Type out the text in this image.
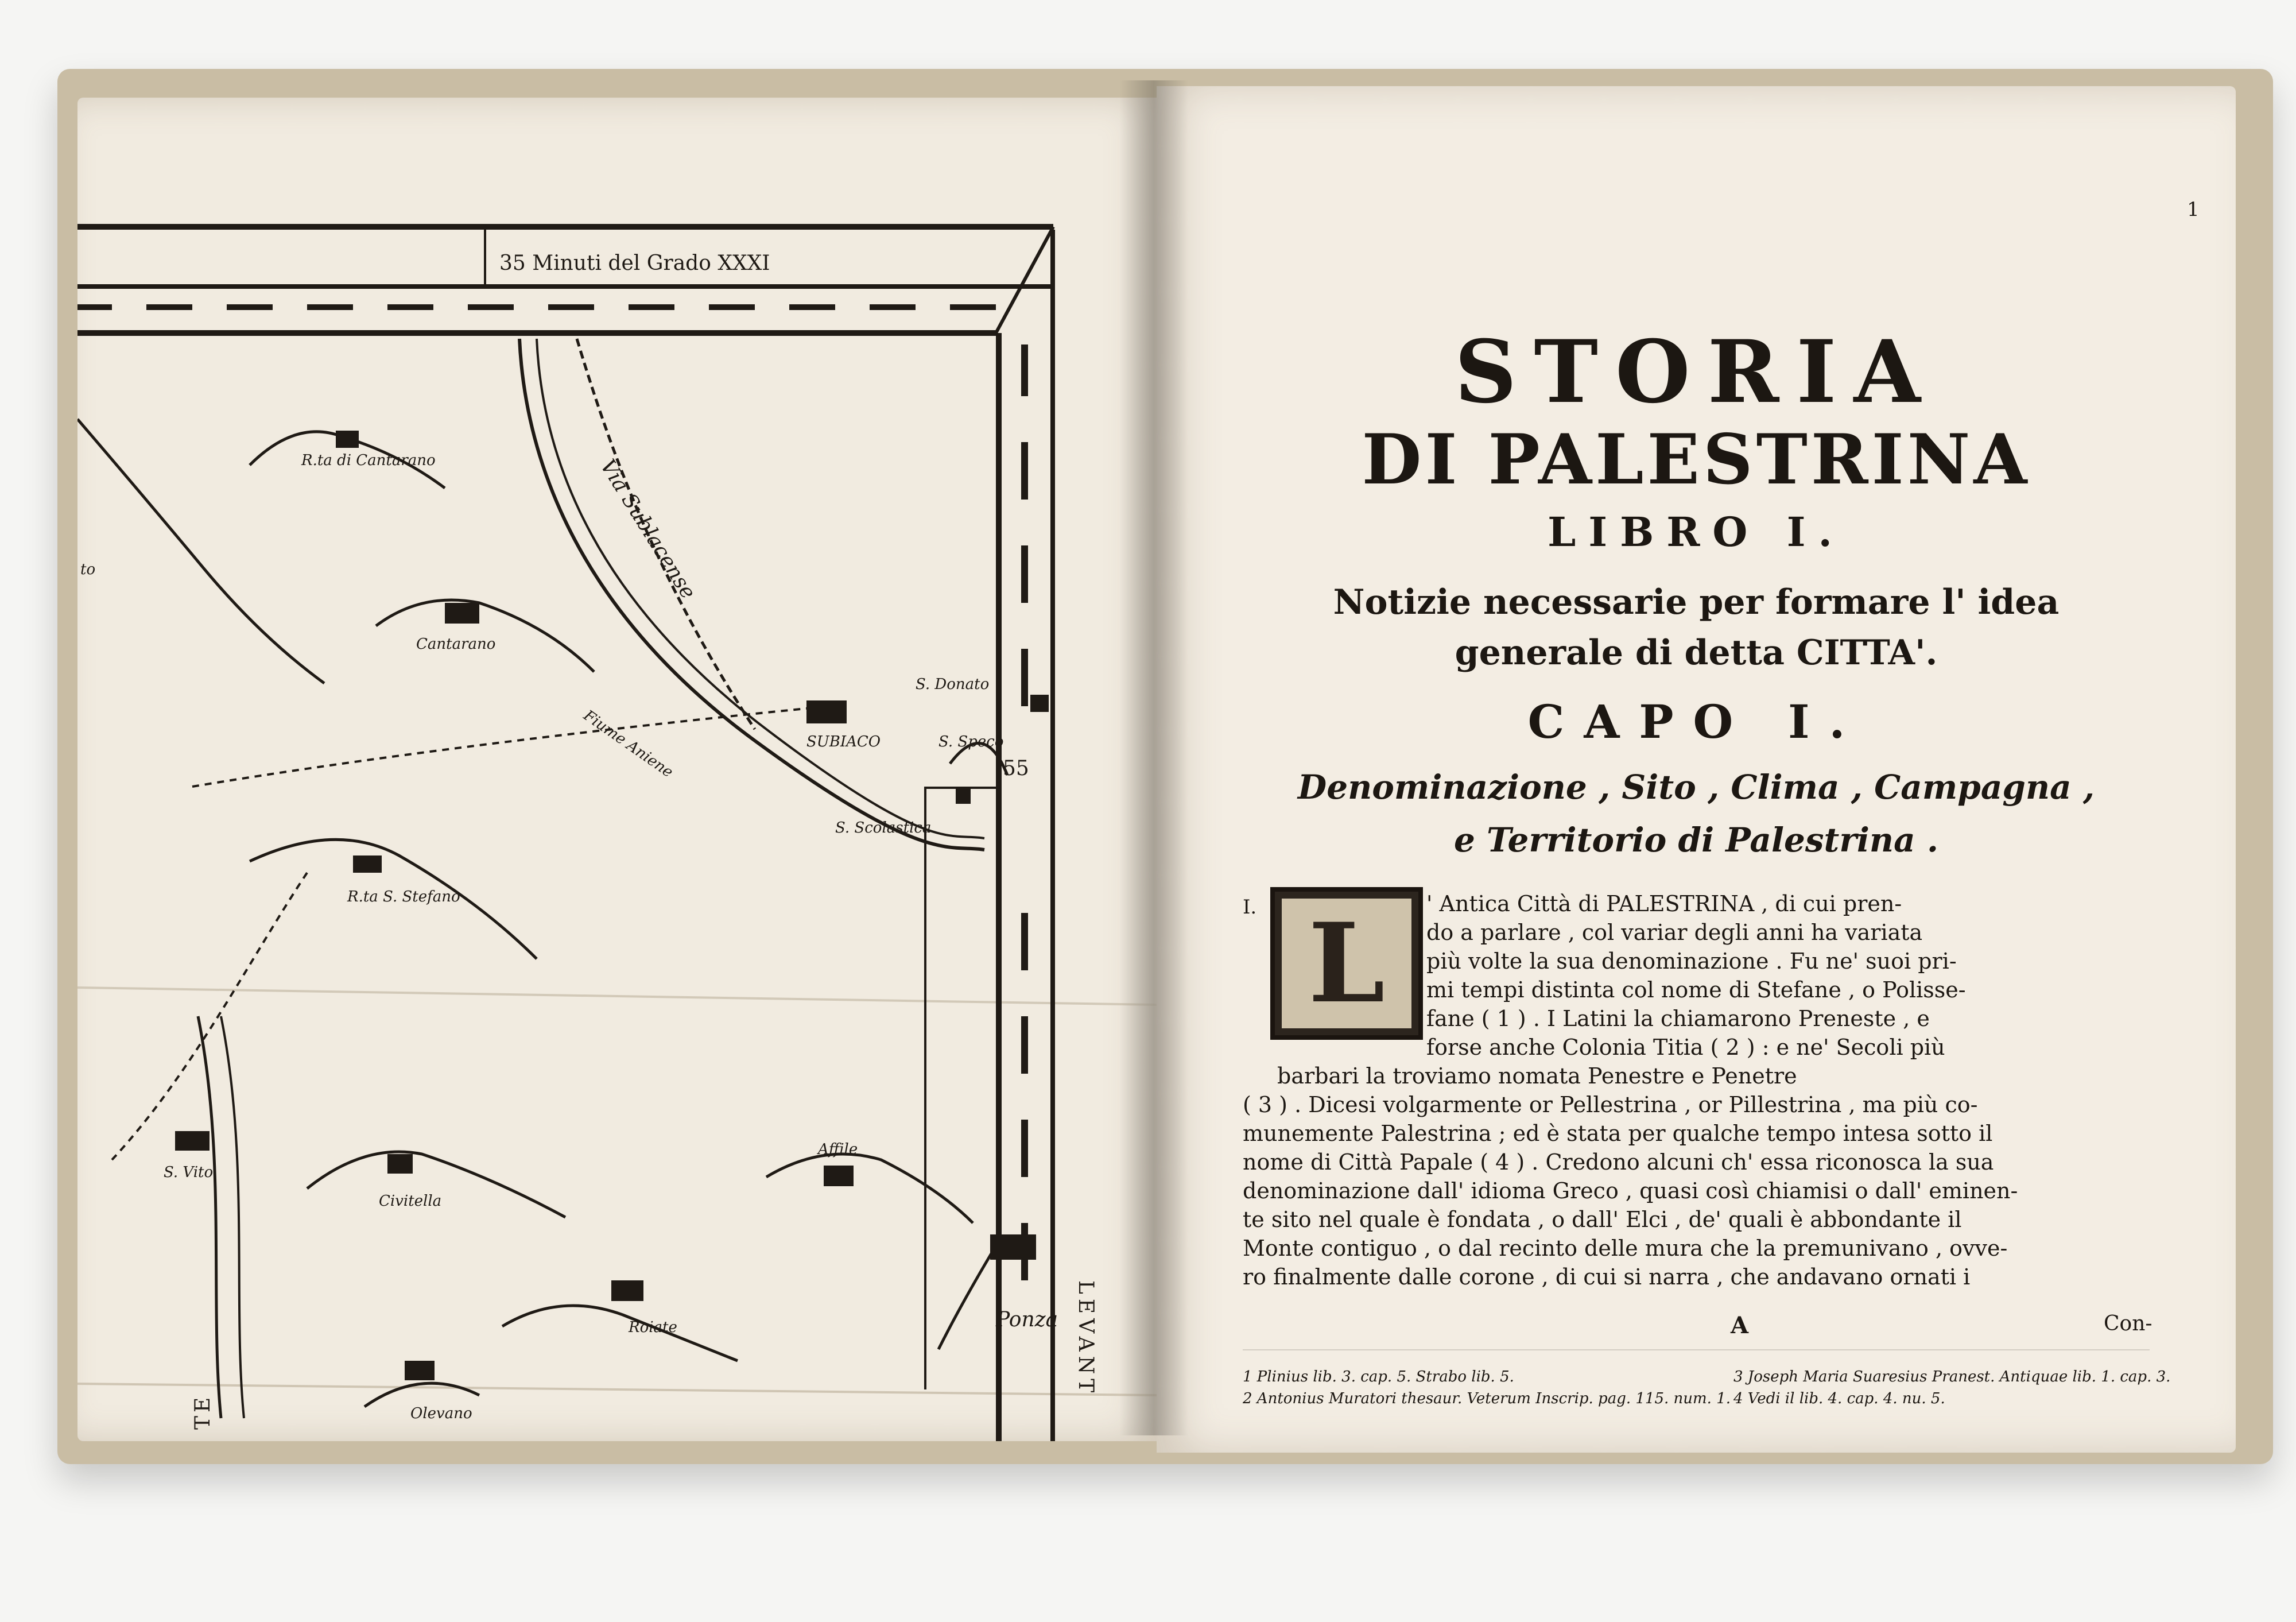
35 Minuti del Grado XXXI
55
LEVANT
TE
R.ta di Cantarano
Cantarano
Via Sublacense
Fiume Aniene	SUBIACO
S. Donato
S. Speco
S. Scolastica
R.ta S. Stefano
S. Vito
Civitella
Affile
Roiate	Ponza
Olevano
to
1
STORIA
DI PALESTRINA
LIBRO I.
Notizie necessarie per formare l' idea
generale di detta CITTA'.
CAPO I.
Denominazione , Sito , Clima , Campagna ,
e Territorio di Palestrina .
I. L ' Antica Città di PALESTRINA , di cui pren-
do a parlare , col variar degli anni ha variata
più volte la sua denominazione . Fu ne' suoi pri-
mi tempi distinta col nome di Stefane , o Polisse-
fane ( 1 ) . I Latini la chiamarono Preneste , e
forse anche Colonia Titia ( 2 ) : e ne' Secoli più
barbari la troviamo nomata Penestre e Penetre
( 3 ) . Dicesi volgarmente or Pellestrina , or Pillestrina , ma più co-
munemente Palestrina ; ed è stata per qualche tempo intesa sotto il
nome di Città Papale ( 4 ) . Credono alcuni ch' essa riconosca la sua
denominazione dall' idioma Greco , quasi così chiamisi o dall' eminen-
te sito nel quale è fondata , o dall' Elci , de' quali è abbondante il
Monte contiguo , o dal recinto delle mura che la premunivano , ovve-
ro finalmente dalle corone , di cui si narra , che andavano ornati i
A	Con-
1 Plinius lib. 3. cap. 5. Strabo lib. 5.
2 Antonius Muratori thesaur. Veterum Inscrip. pag. 115. num. 1.
3 Joseph Maria Suaresius Pranest. Antiquae lib. 1. cap. 3.
4 Vedi il lib. 4. cap. 4. nu. 5.
